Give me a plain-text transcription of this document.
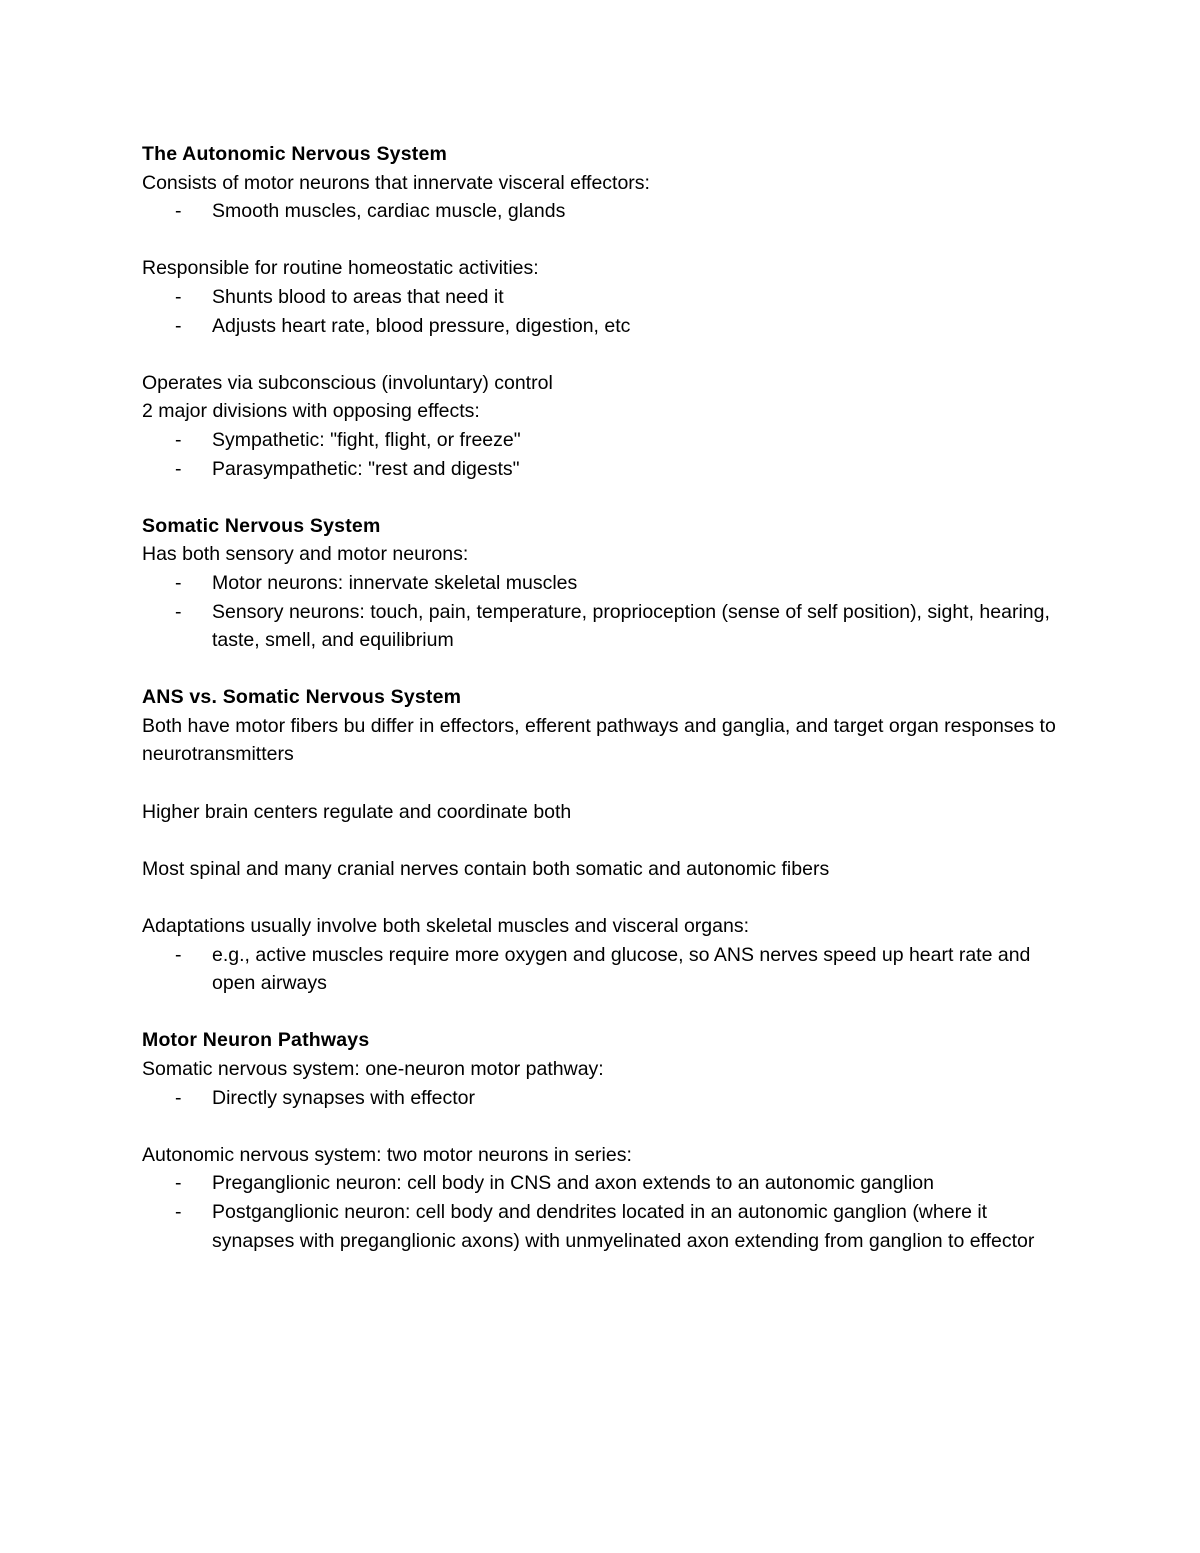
The Autonomic Nervous System
Consists of motor neurons that innervate visceral effectors:
- Smooth muscles, cardiac muscle, glands
Responsible for routine homeostatic activities:
- Shunts blood to areas that need it
- Adjusts heart rate, blood pressure, digestion, etc
Operates via subconscious (involuntary) control
2 major divisions with opposing effects:
- Sympathetic: "fight, flight, or freeze"
- Parasympathetic: "rest and digests"
Somatic Nervous System
Has both sensory and motor neurons:
- Motor neurons: innervate skeletal muscles
- Sensory neurons: touch, pain, temperature, proprioception (sense of self position), sight, hearing, taste, smell, and equilibrium
ANS vs. Somatic Nervous System
Both have motor fibers bu differ in effectors, efferent pathways and ganglia, and target organ responses to neurotransmitters
Higher brain centers regulate and coordinate both
Most spinal and many cranial nerves contain both somatic and autonomic fibers
Adaptations usually involve both skeletal muscles and visceral organs:
- e.g., active muscles require more oxygen and glucose, so ANS nerves speed up heart rate and open airways
Motor Neuron Pathways
Somatic nervous system: one-neuron motor pathway:
- Directly synapses with effector
Autonomic nervous system: two motor neurons in series:
- Preganglionic neuron: cell body in CNS and axon extends to an autonomic ganglion
- Postganglionic neuron: cell body and dendrites located in an autonomic ganglion (where it synapses with preganglionic axons) with unmyelinated axon extending from ganglion to effector
